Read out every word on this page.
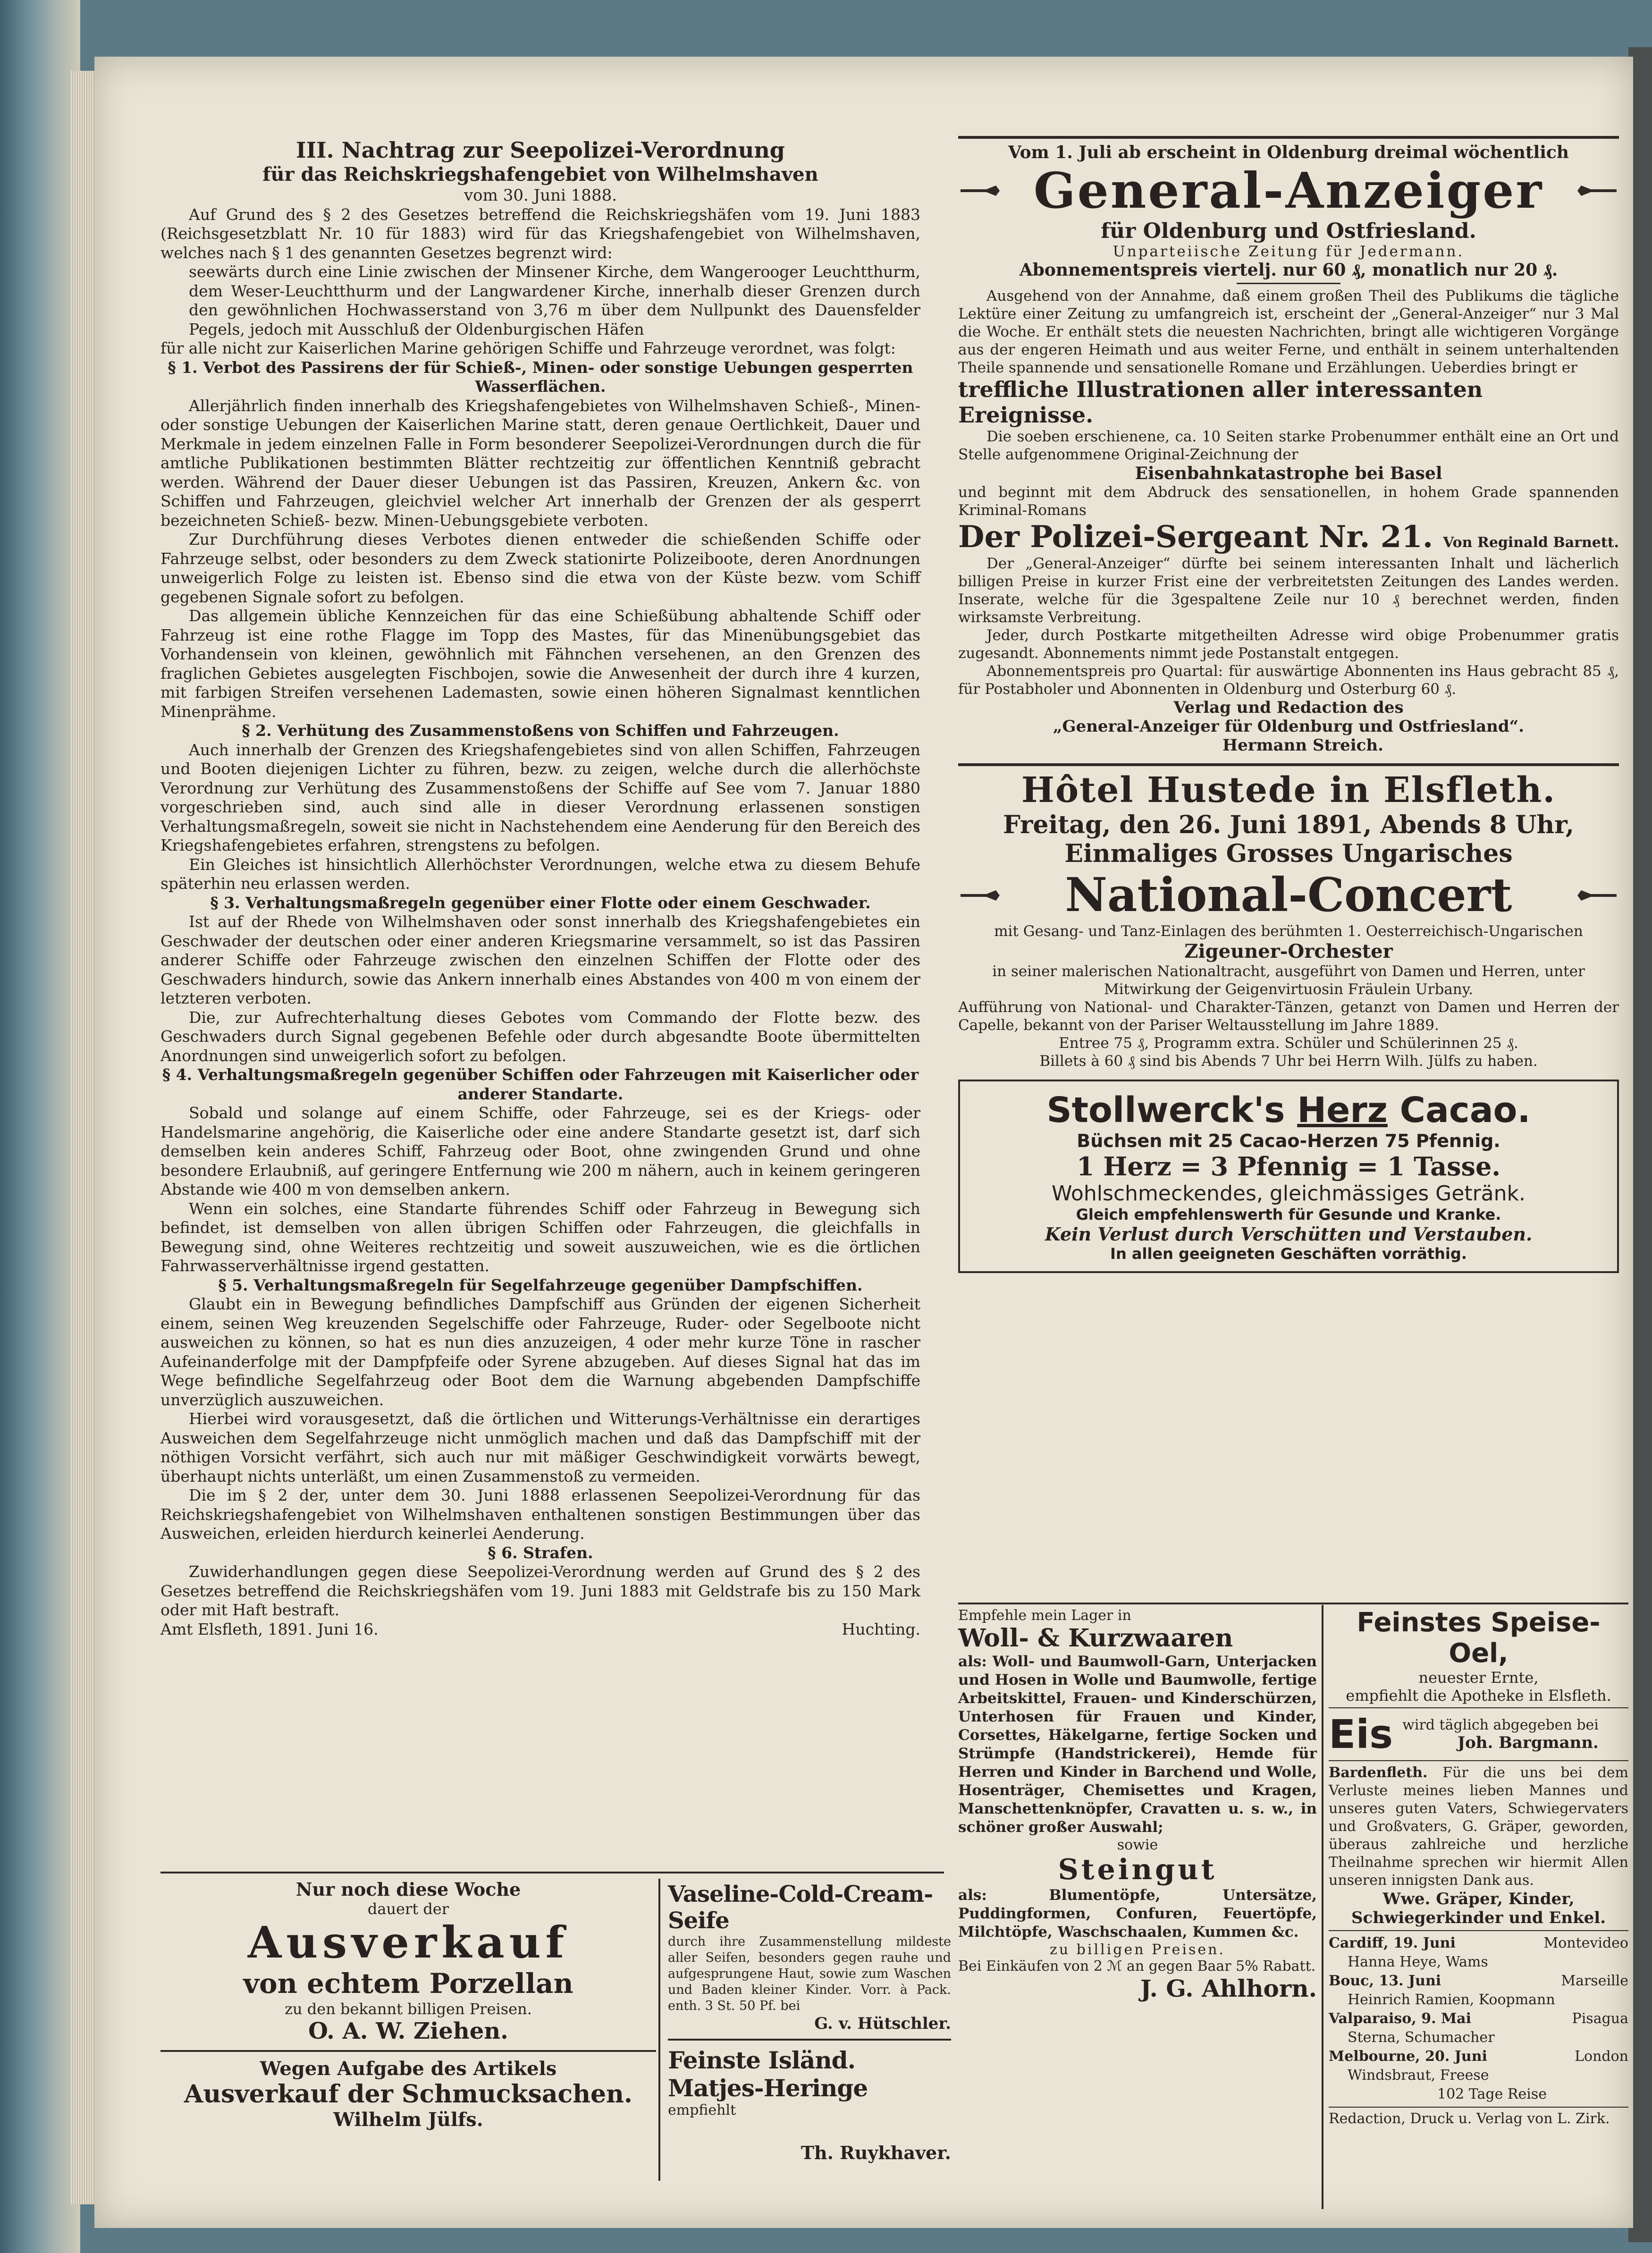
III. Nachtrag zur Seepolizei-Verordnung
für das Reichskriegshafengebiet von Wilhelmshaven
vom 30. Juni 1888.

Auf Grund des § 2 des Gesetzes betreffend die Reichskriegshäfen vom 19. Juni 1883 (Reichsgesetzblatt Nr. 10 für 1883) wird für das Kriegshafengebiet von Wilhelmshaven, welches nach § 1 des genannten Gesetzes begrenzt wird:

seewärts durch eine Linie zwischen der Minsener Kirche, dem Wangerooger Leuchtthurm, dem Weser-Leuchtthurm und der Langwardener Kirche, innerhalb dieser Grenzen durch den gewöhnlichen Hochwasserstand von 3,76 m über dem Nullpunkt des Dauensfelder Pegels, jedoch mit Ausschluß der Oldenburgischen Häfen

für alle nicht zur Kaiserlichen Marine gehörigen Schiffe und Fahrzeuge verordnet, was folgt:

§ 1. Verbot des Passirens der für Schieß-, Minen- oder sonstige Uebungen gesperrten Wasserflächen.

Allerjährlich finden innerhalb des Kriegshafengebietes von Wilhelmshaven Schieß-, Minen- oder sonstige Uebungen der Kaiserlichen Marine statt, deren genaue Oertlichkeit, Dauer und Merkmale in jedem einzelnen Falle in Form besonderer Seepolizei-Verordnungen durch die für amtliche Publikationen bestimmten Blätter rechtzeitig zur öffentlichen Kenntniß gebracht werden. Während der Dauer dieser Uebungen ist das Passiren, Kreuzen, Ankern &c. von Schiffen und Fahrzeugen, gleichviel welcher Art innerhalb der Grenzen der als gesperrt bezeichneten Schieß- bezw. Minen-Uebungsgebiete verboten.

Zur Durchführung dieses Verbotes dienen entweder die schießenden Schiffe oder Fahrzeuge selbst, oder besonders zu dem Zweck stationirte Polizeiboote, deren Anordnungen unweigerlich Folge zu leisten ist. Ebenso sind die etwa von der Küste bezw. vom Schiff gegebenen Signale sofort zu befolgen.

Das allgemein übliche Kennzeichen für das eine Schießübung abhaltende Schiff oder Fahrzeug ist eine rothe Flagge im Topp des Mastes, für das Minenübungsgebiet das Vorhandensein von kleinen, gewöhnlich mit Fähnchen versehenen, an den Grenzen des fraglichen Gebietes ausgelegten Fischbojen, sowie die Anwesenheit der durch ihre 4 kurzen, mit farbigen Streifen versehenen Lademasten, sowie einen höheren Signalmast kenntlichen Minenprähme.

§ 2. Verhütung des Zusammenstoßens von Schiffen und Fahrzeugen.

Auch innerhalb der Grenzen des Kriegshafengebietes sind von allen Schiffen, Fahrzeugen und Booten diejenigen Lichter zu führen, bezw. zu zeigen, welche durch die allerhöchste Verordnung zur Verhütung des Zusammenstoßens der Schiffe auf See vom 7. Januar 1880 vorgeschrieben sind, auch sind alle in dieser Verordnung erlassenen sonstigen Verhaltungsmaßregeln, soweit sie nicht in Nachstehendem eine Aenderung für den Bereich des Kriegshafengebietes erfahren, strengstens zu befolgen.

Ein Gleiches ist hinsichtlich Allerhöchster Verordnungen, welche etwa zu diesem Behufe späterhin neu erlassen werden.

§ 3. Verhaltungsmaßregeln gegenüber einer Flotte oder einem Geschwader.

Ist auf der Rhede von Wilhelmshaven oder sonst innerhalb des Kriegshafengebietes ein Geschwader der deutschen oder einer anderen Kriegsmarine versammelt, so ist das Passiren anderer Schiffe oder Fahrzeuge zwischen den einzelnen Schiffen der Flotte oder des Geschwaders hindurch, sowie das Ankern innerhalb eines Abstandes von 400 m von einem der letzteren verboten.

Die, zur Aufrechterhaltung dieses Gebotes vom Commando der Flotte bezw. des Geschwaders durch Signal gegebenen Befehle oder durch abgesandte Boote übermittelten Anordnungen sind unweigerlich sofort zu befolgen.

§ 4. Verhaltungsmaßregeln gegenüber Schiffen oder Fahrzeugen mit Kaiserlicher oder anderer Standarte.

Sobald und solange auf einem Schiffe, oder Fahrzeuge, sei es der Kriegs- oder Handelsmarine angehörig, die Kaiserliche oder eine andere Standarte gesetzt ist, darf sich demselben kein anderes Schiff, Fahrzeug oder Boot, ohne zwingenden Grund und ohne besondere Erlaubniß, auf geringere Entfernung wie 200 m nähern, auch in keinem geringeren Abstande wie 400 m von demselben ankern.

Wenn ein solches, eine Standarte führendes Schiff oder Fahrzeug in Bewegung sich befindet, ist demselben von allen übrigen Schiffen oder Fahrzeugen, die gleichfalls in Bewegung sind, ohne Weiteres rechtzeitig und soweit auszuweichen, wie es die örtlichen Fahrwasserverhältnisse irgend gestatten.

§ 5. Verhaltungsmaßregeln für Segelfahrzeuge gegenüber Dampfschiffen.

Glaubt ein in Bewegung befindliches Dampfschiff aus Gründen der eigenen Sicherheit einem, seinen Weg kreuzenden Segelschiffe oder Fahrzeuge, Ruder- oder Segelboote nicht ausweichen zu können, so hat es nun dies anzuzeigen, 4 oder mehr kurze Töne in rascher Aufeinanderfolge mit der Dampfpfeife oder Syrene abzugeben. Auf dieses Signal hat das im Wege befindliche Segelfahrzeug oder Boot dem die Warnung abgebenden Dampfschiffe unverzüglich auszuweichen.

Hierbei wird vorausgesetzt, daß die örtlichen und Witterungs-Verhältnisse ein derartiges Ausweichen dem Segelfahrzeuge nicht unmöglich machen und daß das Dampfschiff mit der nöthigen Vorsicht verfährt, sich auch nur mit mäßiger Geschwindigkeit vorwärts bewegt, überhaupt nichts unterläßt, um einen Zusammenstoß zu vermeiden.

Die im § 2 der, unter dem 30. Juni 1888 erlassenen Seepolizei-Verordnung für das Reichskriegshafengebiet von Wilhelmshaven enthaltenen sonstigen Bestimmungen über das Ausweichen, erleiden hierdurch keinerlei Aenderung.

§ 6. Strafen.

Zuwiderhandlungen gegen diese Seepolizei-Verordnung werden auf Grund des § 2 des Gesetzes betreffend die Reichskriegshäfen vom 19. Juni 1883 mit Geldstrafe bis zu 150 Mark oder mit Haft bestraft.

Amt Elsfleth, 1891. Juni 16.	Huchting.
Nur noch diese Woche
dauert der
Ausverkauf
von echtem Porzellan
zu den bekannt billigen Preisen.
O. A. W. Ziehen.
Wegen Aufgabe des Artikels
Ausverkauf der Schmucksachen.
Wilhelm Jülfs.
Vaseline-Cold-Cream-Seife
durch ihre Zusammenstellung mildeste aller Seifen, besonders gegen rauhe und aufgesprungene Haut, sowie zum Waschen und Baden kleiner Kinder. Vorr. à Pack. enth. 3 St. 50 Pf. bei
G. v. Hütschler.
Feinste Isländ. Matjes-Heringe
empfiehlt
Th. Ruykhaver.
Vom 1. Juli ab erscheint in Oldenburg dreimal wöchentlich
General-Anzeiger
für Oldenburg und Ostfriesland.
Unparteiische Zeitung für Jedermann.
Abonnementspreis viertelj. nur 60 ₰, monatlich nur 20 ₰.
Ausgehend von der Annahme, daß einem großen Theil des Publikums die tägliche Lektüre einer Zeitung zu umfangreich ist, erscheint der „General-Anzeiger“ nur 3 Mal die Woche. Er enthält stets die neuesten Nachrichten, bringt alle wichtigeren Vorgänge aus der engeren Heimath und aus weiter Ferne, und enthält in seinem unterhaltenden Theile spannende und sensationelle Romane und Erzählungen. Ueberdies bringt er
treffliche Illustrationen aller interessanten Ereignisse.
Die soeben erschienene, ca. 10 Seiten starke Probenummer enthält eine an Ort und Stelle aufgenommene Original-Zeichnung der
Eisenbahnkatastrophe bei Basel
und beginnt mit dem Abdruck des sensationellen, in hohem Grade spannenden Kriminal-Romans
Der Polizei-Sergeant Nr. 21. Von Reginald Barnett.
Der „General-Anzeiger“ dürfte bei seinem interessanten Inhalt und lächerlich billigen Preise in kurzer Frist eine der verbreitetsten Zeitungen des Landes werden. Inserate, welche für die 3gespaltene Zeile nur 10 ₰ berechnet werden, finden wirksamste Verbreitung.
Jeder, durch Postkarte mitgetheilten Adresse wird obige Probenummer gratis zugesandt. Abonnements nimmt jede Postanstalt entgegen.
Abonnementspreis pro Quartal: für auswärtige Abonnenten ins Haus gebracht 85 ₰, für Postabholer und Abonnenten in Oldenburg und Osterburg 60 ₰.
Verlag und Redaction des
„General-Anzeiger für Oldenburg und Ostfriesland“.
Hermann Streich.
Hôtel Hustede in Elsfleth.
Freitag, den 26. Juni 1891, Abends 8 Uhr,
Einmaliges Grosses Ungarisches
National-Concert
mit Gesang- und Tanz-Einlagen des berühmten 1. Oesterreichisch-Ungarischen
Zigeuner-Orchester
in seiner malerischen Nationaltracht, ausgeführt von Damen und Herren, unter Mitwirkung der Geigenvirtuosin Fräulein Urbany.
Aufführung von National- und Charakter-Tänzen, getanzt von Damen und Herren der Capelle, bekannt von der Pariser Weltausstellung im Jahre 1889.
Entree 75 ₰, Programm extra. Schüler und Schülerinnen 25 ₰.
Billets à 60 ₰ sind bis Abends 7 Uhr bei Herrn Wilh. Jülfs zu haben.
Stollwerck's Herz Cacao.
Büchsen mit 25 Cacao-Herzen 75 Pfennig.
1 Herz = 3 Pfennig = 1 Tasse.
Wohlschmeckendes, gleichmässiges Getränk.
Gleich empfehlenswerth für Gesunde und Kranke.
Kein Verlust durch Verschütten und Verstauben.
In allen geeigneten Geschäften vorräthig.
Empfehle mein Lager in
Woll- & Kurzwaaren
als: Woll- und Baumwoll-Garn, Unterjacken und Hosen in Wolle und Baumwolle, fertige Arbeitskittel, Frauen- und Kinderschürzen, Unterhosen für Frauen und Kinder, Corsettes, Häkelgarne, fertige Socken und Strümpfe (Handstrickerei), Hemde für Herren und Kinder in Barchend und Wolle, Hosenträger, Chemisettes und Kragen, Manschettenknöpfer, Cravatten u. s. w., in schöner großer Auswahl;
sowie
Steingut
als: Blumentöpfe, Untersätze, Puddingformen, Confuren, Feuertöpfe, Milchtöpfe, Waschschaalen, Kummen &c.
zu billigen Preisen.
Bei Einkäufen von 2 ℳ an gegen Baar 5% Rabatt.
J. G. Ahlhorn.
Feinstes Speise-Oel,
neuester Ernte,
empfiehlt die Apotheke in Elsfleth.
Eis wird täglich abgegeben bei
Joh. Bargmann.
Bardenfleth. Für die uns bei dem Verluste meines lieben Mannes und unseres guten Vaters, Schwiegervaters und Großvaters, G. Gräper, geworden, überaus zahlreiche und herzliche Theilnahme sprechen wir hiermit Allen unseren innigsten Dank aus.
Wwe. Gräper, Kinder,
Schwiegerkinder und Enkel.
Cardiff, 19. Juni	Montevideo
Hanna Heye, Wams
Bouc, 13. Juni	Marseille
Heinrich Ramien, Koopmann
Valparaiso, 9. Mai	Pisagua
Sterna, Schumacher
Melbourne, 20. Juni	London
Windsbraut, Freese
102 Tage Reise
Redaction, Druck u. Verlag von L. Zirk.
